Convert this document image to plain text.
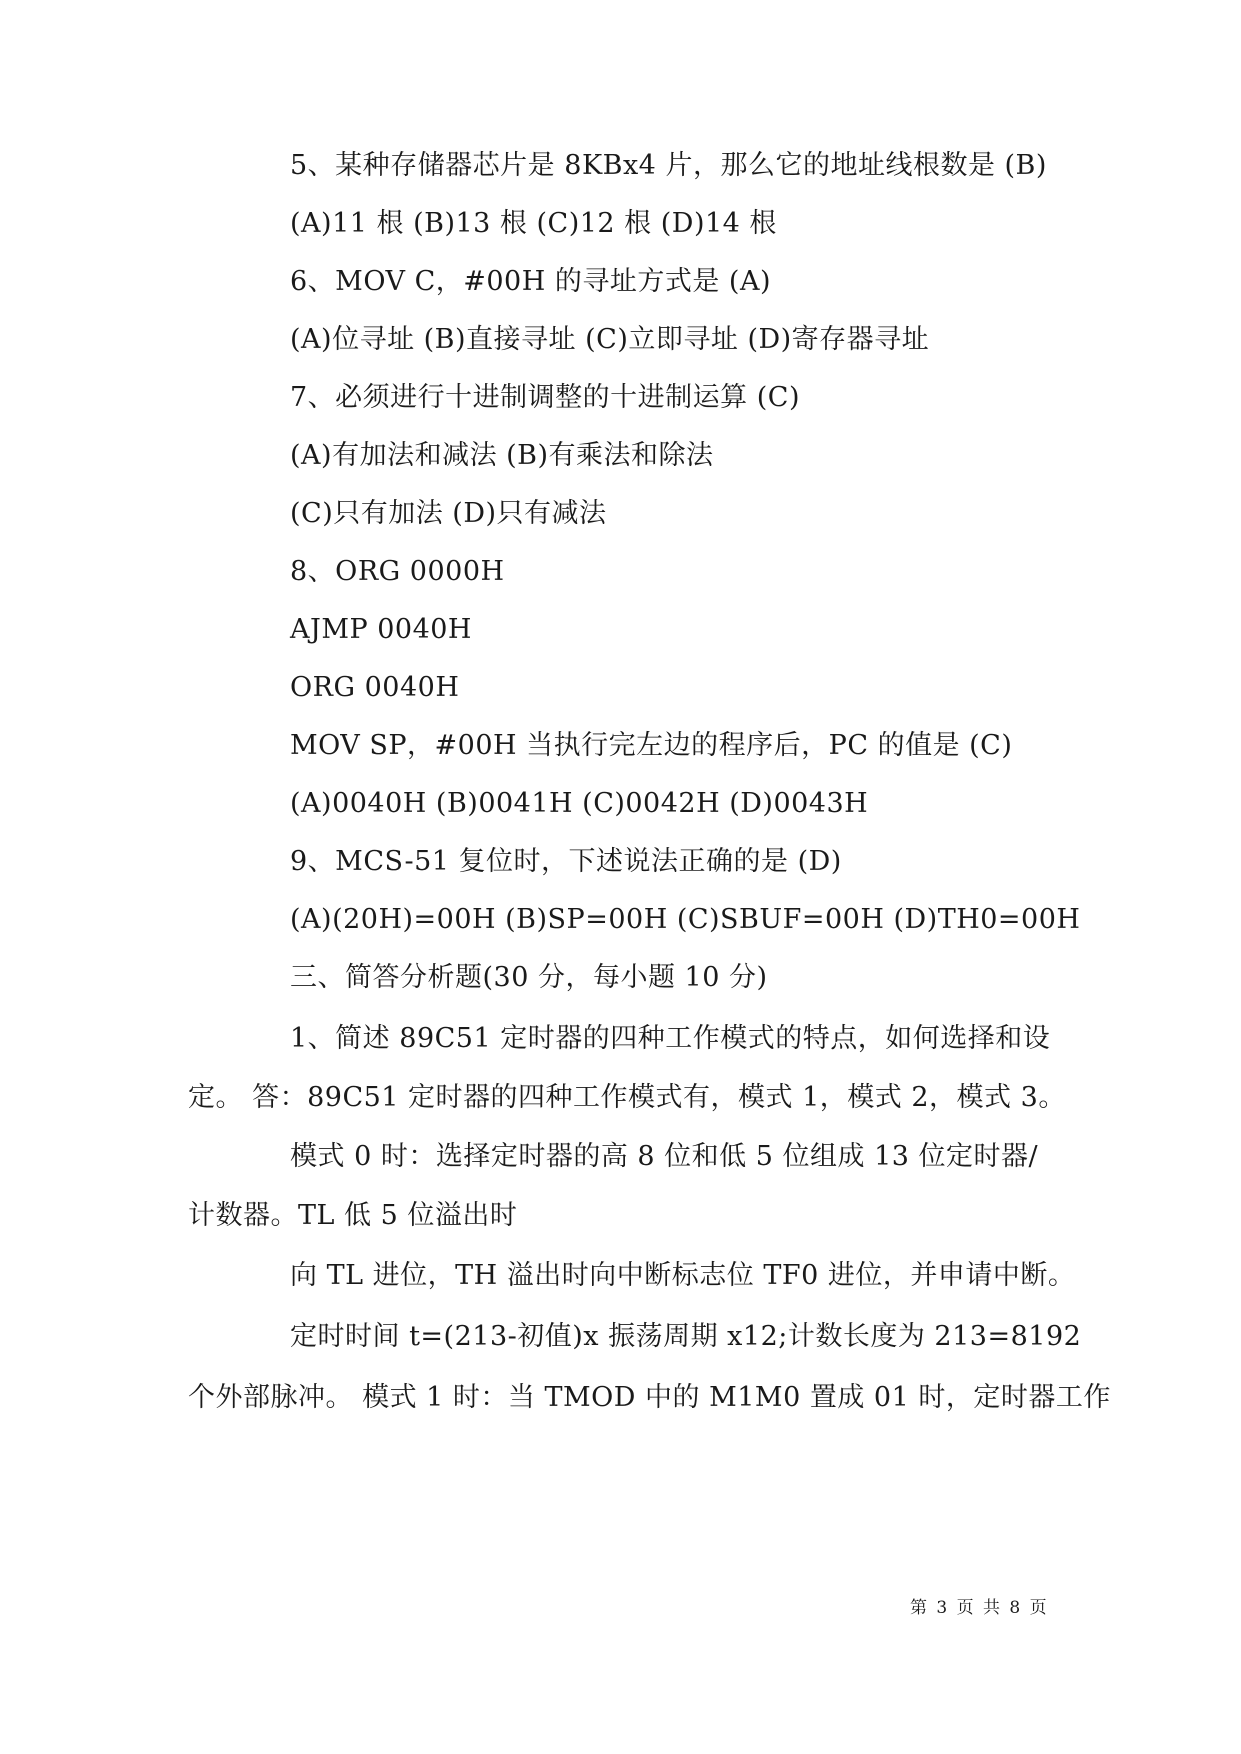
5、某种存储器芯片是 8KBx4 片，那么它的地址线根数是 (B)
(A)11 根 (B)13 根 (C)12 根 (D)14 根
6、MOV C，#00H 的寻址方式是 (A)
(A)位寻址 (B)直接寻址 (C)立即寻址 (D)寄存器寻址
7、必须进行十进制调整的十进制运算 (C)
(A)有加法和减法 (B)有乘法和除法
(C)只有加法 (D)只有减法
8、ORG 0000H
AJMP 0040H
ORG 0040H
MOV SP，#00H 当执行完左边的程序后，PC 的值是 (C)
(A)0040H (B)0041H (C)0042H (D)0043H
9、MCS-51 复位时，下述说法正确的是 (D)
(A)(20H)=00H (B)SP=00H (C)SBUF=00H (D)TH0=00H
三、简答分析题(30 分，每小题 10 分)
1、简述 89C51 定时器的四种工作模式的特点，如何选择和设
定。 答：89C51 定时器的四种工作模式有，模式 1，模式 2，模式 3。
模式 0 时：选择定时器的高 8 位和低 5 位组成 13 位定时器/
计数器。TL 低 5 位溢出时
向 TL 进位，TH 溢出时向中断标志位 TF0 进位，并申请中断。
定时时间 t=(213-初值)x 振荡周期 x12;计数长度为 213=8192
个外部脉冲。 模式 1 时：当 TMOD 中的 M1M0 置成 01 时，定时器工作
第 3 页 共 8 页
